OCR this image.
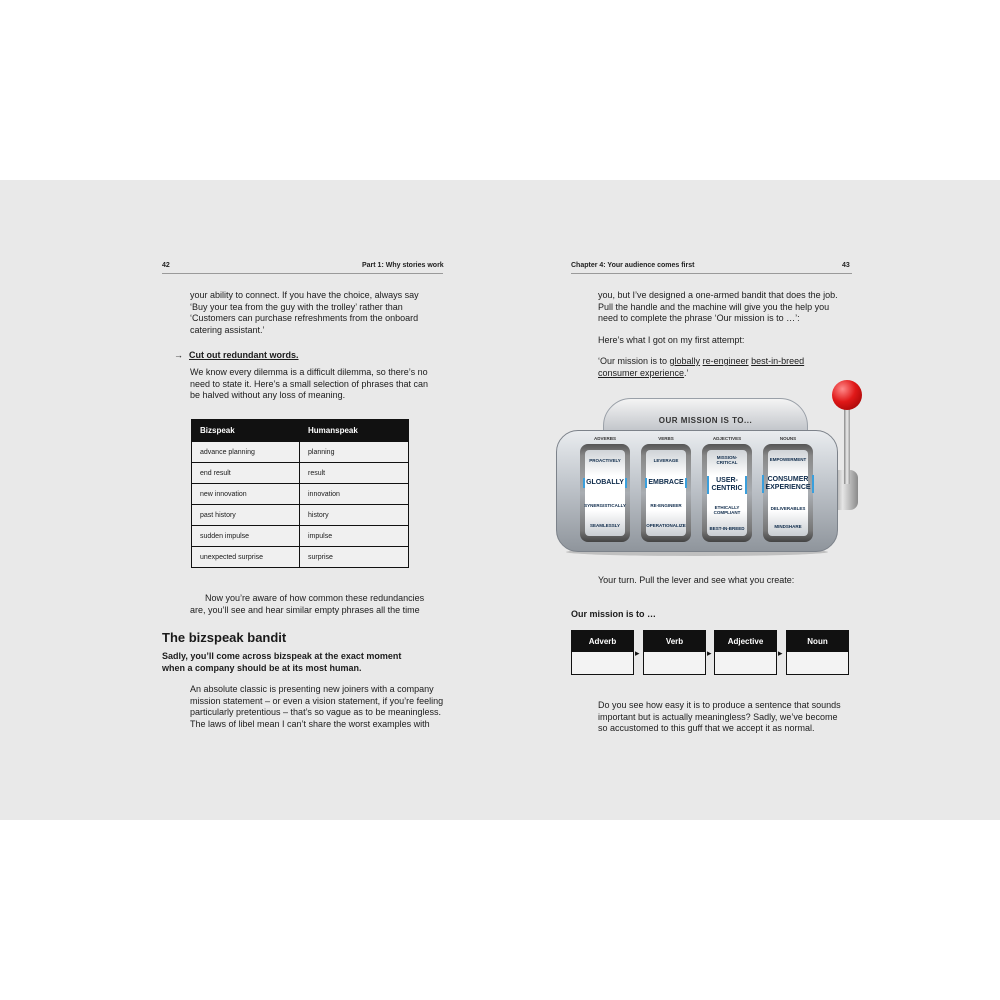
42	Part 1: Why stories work
your ability to connect. If you have the choice, always say
‘Buy your tea from the guy with the trolley’ rather than
‘Customers can purchase refreshments from the onboard
catering assistant.’
→ Cut out redundant words.
We know every dilemma is a difficult dilemma, so there’s no
need to state it. Here’s a small selection of phrases that can
be halved without any loss of meaning.
Bizspeak	Humanspeak
advance planning	planning
end result	result
new innovation	innovation
past history	history
sudden impulse	impulse
unexpected surprise	surprise
Now you’re aware of how common these redundancies
are, you’ll see and hear similar empty phrases all the time
The bizspeak bandit
Sadly, you’ll come across bizspeak at the exact moment
when a company should be at its most human.
An absolute classic is presenting new joiners with a company
mission statement – or even a vision statement, if you’re feeling
particularly pretentious – that’s so vague as to be meaningless.
The laws of libel mean I can’t share the worst examples with
Chapter 4: Your audience comes first	43
you, but I’ve designed a one-armed bandit that does the job.
Pull the handle and the machine will give you the help you
need to complete the phrase ‘Our mission is to …’:
Here’s what I got on my first attempt:
‘Our mission is to globally re-engineer best-in-breed
consumer experience.’
OUR MISSION IS TO...
ADVERBS	VERBS	ADJECTIVES	NOUNS
PROACTIVELY
GLOBALLY
SYNERGISTICALLY
SEAMLESSLY
LEVERAGE
EMBRACE
RE-ENGINEER
OPERATIONALIZE
MISSION-CRITICAL
USER-CENTRIC
ETHICALLY COMPLIANT
BEST-IN-BREED
EMPOWERMENT
CONSUMER EXPERIENCE
DELIVERABLES
MINDSHARE
Your turn. Pull the lever and see what you create:
Our mission is to …
Adverb
▸
Verb
▸
Adjective
▸
Noun
Do you see how easy it is to produce a sentence that sounds
important but is actually meaningless? Sadly, we’ve become
so accustomed to this guff that we accept it as normal.
